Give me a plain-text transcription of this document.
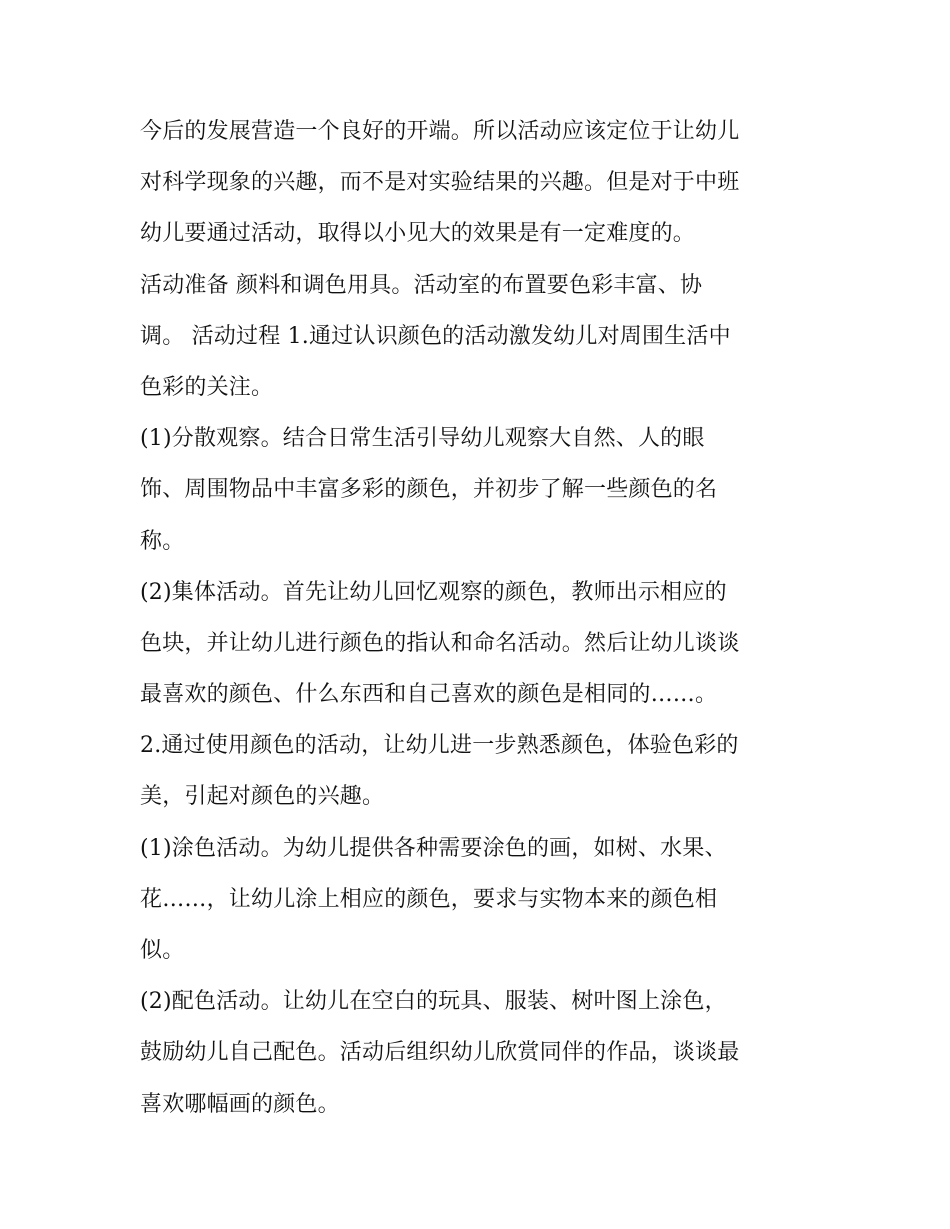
今后的发展营造一个良好的开端。所以活动应该定位于让幼儿
对科学现象的兴趣，而不是对实验结果的兴趣。但是对于中班
幼儿要通过活动，取得以小见大的效果是有一定难度的。
活动准备 颜料和调色用具。活动室的布置要色彩丰富、协
调。 活动过程 1.通过认识颜色的活动激发幼儿对周围生活中
色彩的关注。
(1)分散观察。结合日常生活引导幼儿观察大自然、人的眼
饰、周围物品中丰富多彩的颜色，并初步了解一些颜色的名
称。
(2)集体活动。首先让幼儿回忆观察的颜色，教师出示相应的
色块，并让幼儿进行颜色的指认和命名活动。然后让幼儿谈谈
最喜欢的颜色、什么东西和自己喜欢的颜色是相同的……。
2.通过使用颜色的活动，让幼儿进一步熟悉颜色，体验色彩的
美，引起对颜色的兴趣。
(1)涂色活动。为幼儿提供各种需要涂色的画，如树、水果、
花……，让幼儿涂上相应的颜色，要求与实物本来的颜色相
似。
(2)配色活动。让幼儿在空白的玩具、服装、树叶图上涂色，
鼓励幼儿自己配色。活动后组织幼儿欣赏同伴的作品，谈谈最
喜欢哪幅画的颜色。
